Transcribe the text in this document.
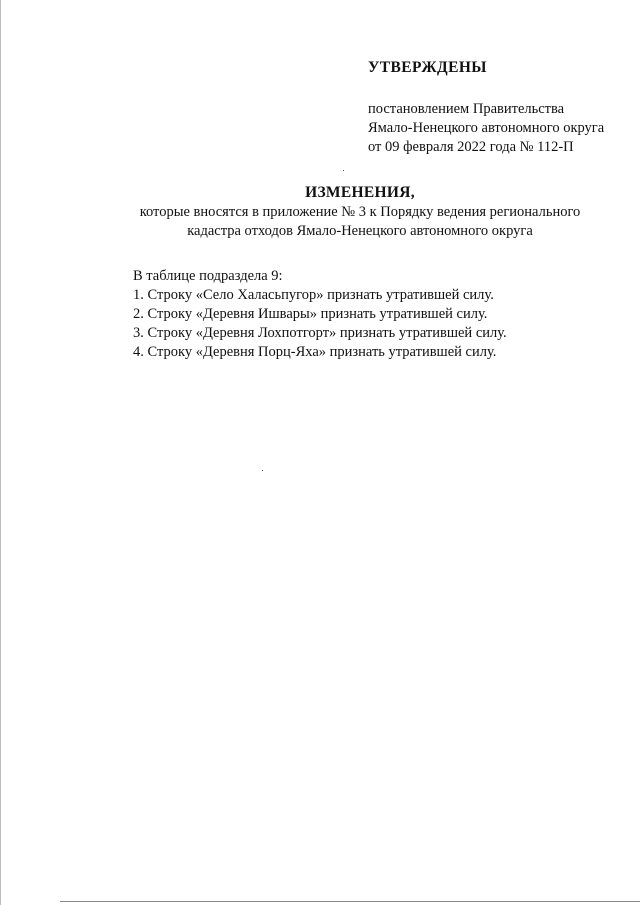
УТВЕРЖДЕНЫ

постановлением Правительства

Ямало-Ненецкого автономного округа

от 09 февраля 2022 года № 112-П

ИЗМЕНЕНИЯ,

которые вносятся в приложение № 3 к Порядку ведения регионального

кадастра отходов Ямало-Ненецкого автономного округа

В таблице подраздела 9:

1. Строку «Село Халасьпугор» признать утратившей силу.
2. Строку «Деревня Ишвары» признать утратившей силу.
3. Строку «Деревня Лохпотгорт» признать утратившей силу.
4. Строку «Деревня Порц-Яха» признать утратившей силу.
